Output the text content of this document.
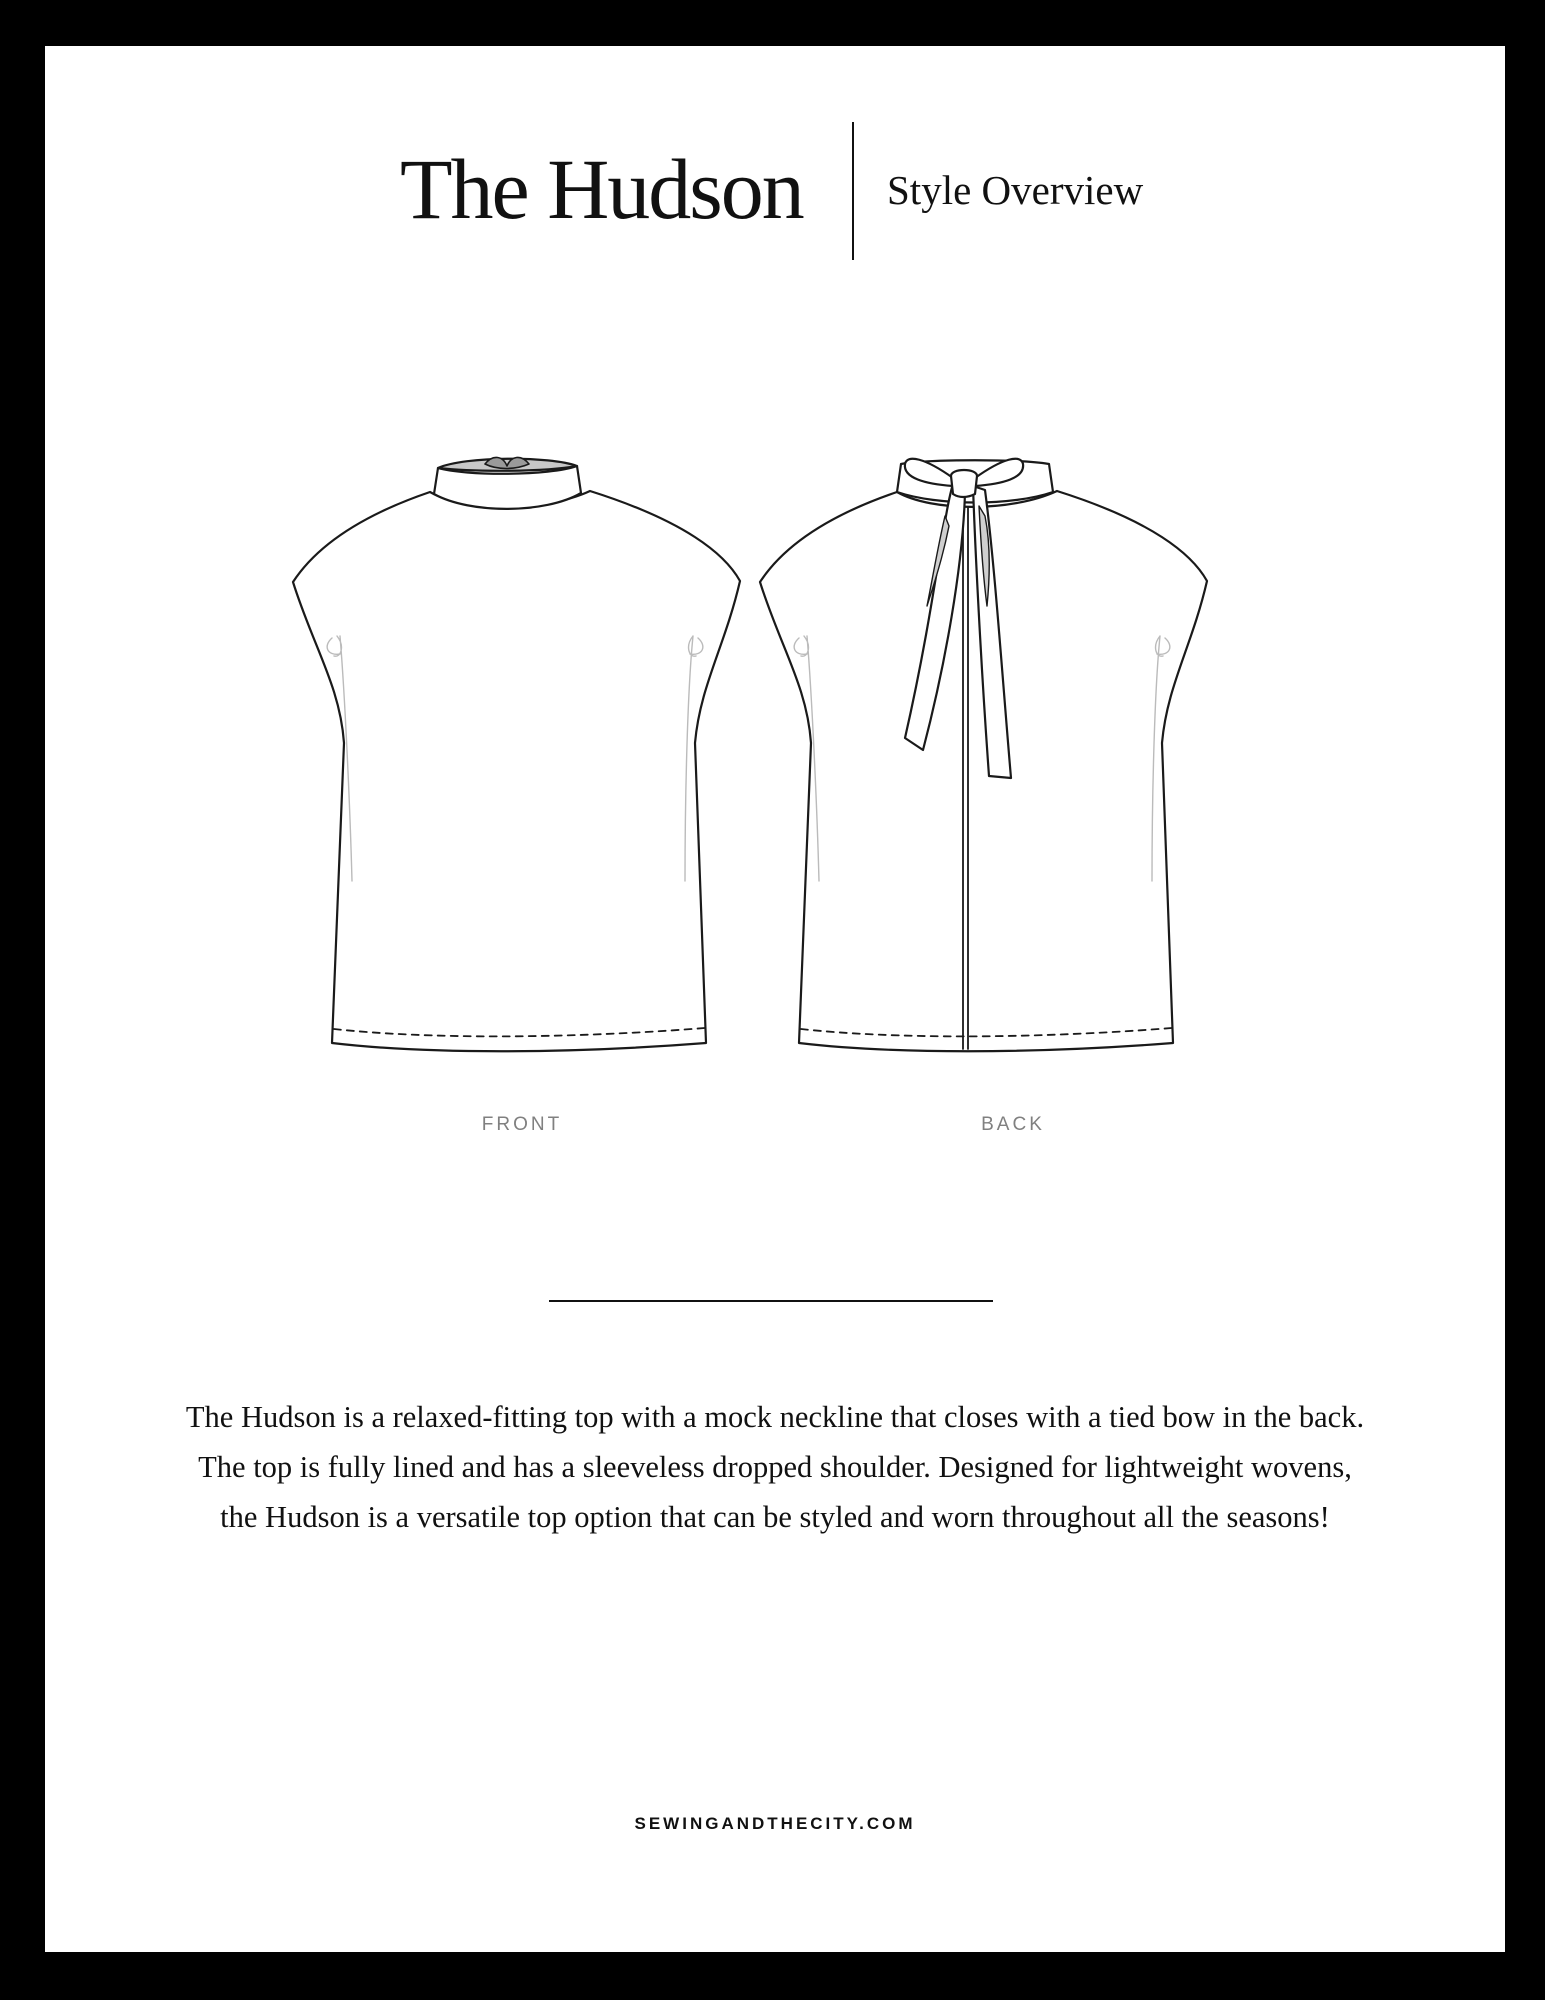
The Hudson Style Overview
FRONT	BACK
The Hudson is a relaxed-fitting top with a mock neckline that closes with a tied bow in the back. The top is fully lined and has a sleeveless dropped shoulder. Designed for lightweight wovens, the Hudson is a versatile top option that can be styled and worn throughout all the seasons!
SEWINGANDTHECITY.COM
